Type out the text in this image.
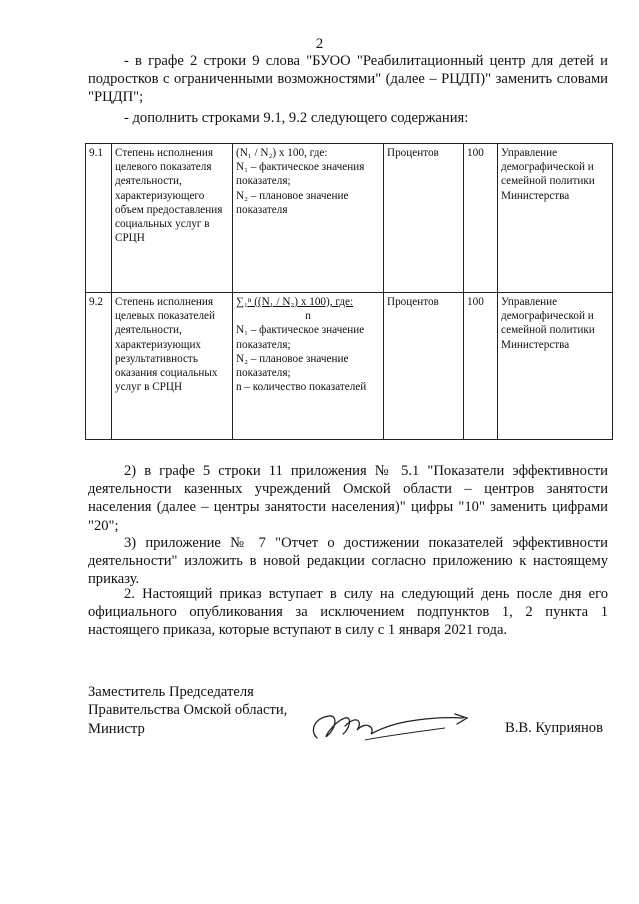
2

- в графе 2 строки 9 слова "БУОО "Реабилитационный центр для детей и подростков с ограниченными возможностями" (далее – РЦДП)" заменить словами "РЦДП";

- дополнить строками 9.1, 9.2 следующего содержания:

9.1	Степень исполнения целевого показателя деятельности, характеризующего объем предоставления социальных услуг в СРЦН	(N₁ / N₂) x 100, где:
N₁ – фактическое значения показателя;
N₂ – плановое значение показателя	Процентов	100	Управление демографической и семейной политики Министерства
9.2	Степень исполнения целевых показателей деятельности, характеризующих результативность оказания социальных услуг в СРЦН	∑₁ⁿ ((N₁ / N₂) x 100), где:
n
N₁ – фактическое значение показателя;
N₂ – плановое значение показателя;
n – количество показателей	Процентов	100	Управление демографической и семейной политики Министерства

2) в графе 5 строки 11 приложения № 5.1 "Показатели эффективности деятельности казенных учреждений Омской области – центров занятости населения (далее – центры занятости населения)" цифры "10" заменить цифрами "20";

3) приложение № 7 "Отчет о достижении показателей эффективности деятельности" изложить в новой редакции согласно приложению к настоящему приказу.

2. Настоящий приказ вступает в силу на следующий день после дня его официального опубликования за исключением подпунктов 1, 2 пункта 1 настоящего приказа, которые вступают в силу с 1 января 2021 года.

Заместитель Председателя
Правительства Омской области,
Министр	В.В. Куприянов
